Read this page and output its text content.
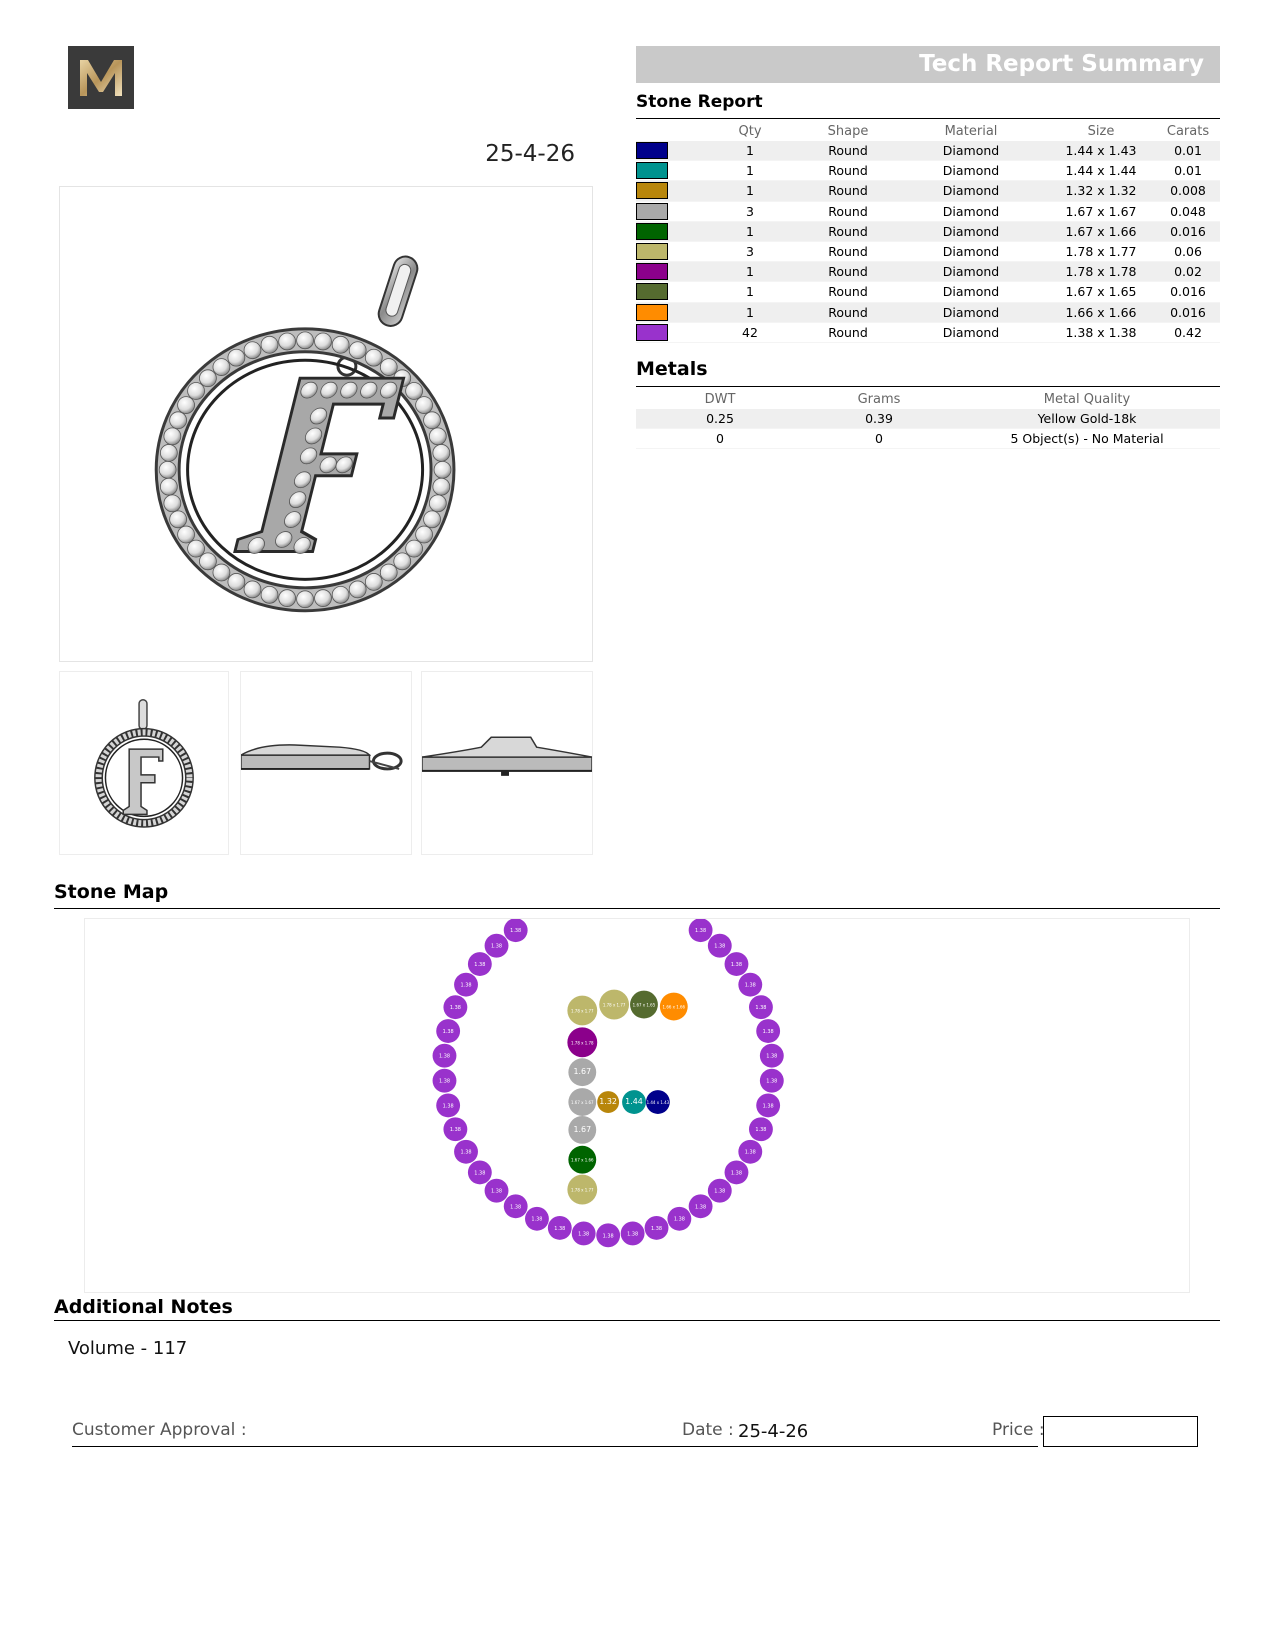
25-4-26
Tech Report Summary
Stone Report
	Qty	Shape	Material	Size	Carats
	1	Round	Diamond	1.44 x 1.43	0.01
	1	Round	Diamond	1.44 x 1.44	0.01
	1	Round	Diamond	1.32 x 1.32	0.008
	3	Round	Diamond	1.67 x 1.67	0.048
	1	Round	Diamond	1.67 x 1.66	0.016
	3	Round	Diamond	1.78 x 1.77	0.06
	1	Round	Diamond	1.78 x 1.78	0.02
	1	Round	Diamond	1.67 x 1.65	0.016
	1	Round	Diamond	1.66 x 1.66	0.016
	42	Round	Diamond	1.38 x 1.38	0.42
Metals
DWT	Grams	Metal Quality
0.25	0.39	Yellow Gold-18k
0	0	5 Object(s) - No Material
Stone Map
1.38
1.38
1.38
1.38
1.38
1.38
1.38
1.38
1.38
1.38
1.38
1.38
1.38
1.38
1.38
1.38
1.38
1.38
1.38
1.38
1.38
1.38
1.38
1.38
1.38
1.38
1.38
1.38
1.38
1.38
1.38
1.38
1.38
1.38
1.38
1.78 x 1.77
1.78 x 1.77 1.67 x 1.65 1.66 x 1.66
1.78 x 1.78
1.67
1.67 x 1.67 1.32 1.44 1.44 x 1.43
1.67
1.67 x 1.66
1.78 x 1.77
Additional Notes
Volume - 117
Customer Approval :	Date : 25-4-26	Price :
